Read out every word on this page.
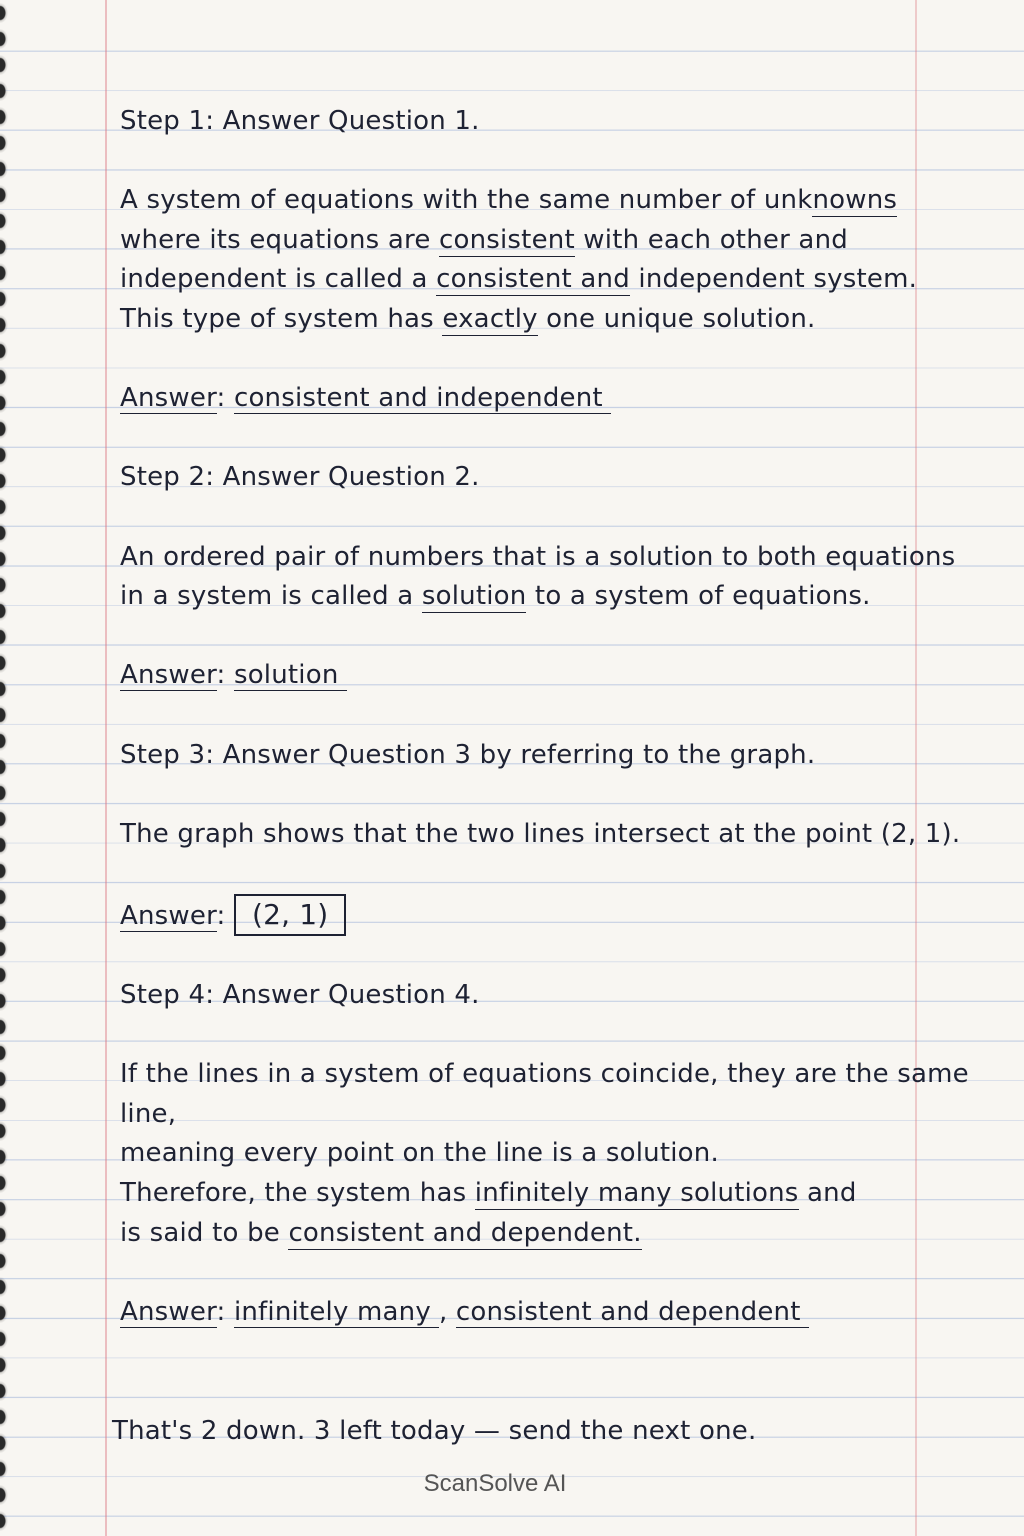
Step 1: Answer Question 1.

A system of equations with the same number of unknowns

where its equations are consistent with each other and

independent is called a consistent and independent system.

This type of system has exactly one unique solution.

Answer: consistent and independent

Step 2: Answer Question 2.

An ordered pair of numbers that is a solution to both equations

in a system is called a solution to a system of equations.

Answer: solution

Step 3: Answer Question 3 by referring to the graph.

The graph shows that the two lines intersect at the point (2, 1).

Answer: (2, 1)

Step 4: Answer Question 4.

If the lines in a system of equations coincide, they are the same line,

meaning every point on the line is a solution.

Therefore, the system has infinitely many solutions and

is said to be consistent and dependent.

Answer: infinitely many , consistent and dependent

That's 2 down. 3 left today — send the next one.

ScanSolve AI
